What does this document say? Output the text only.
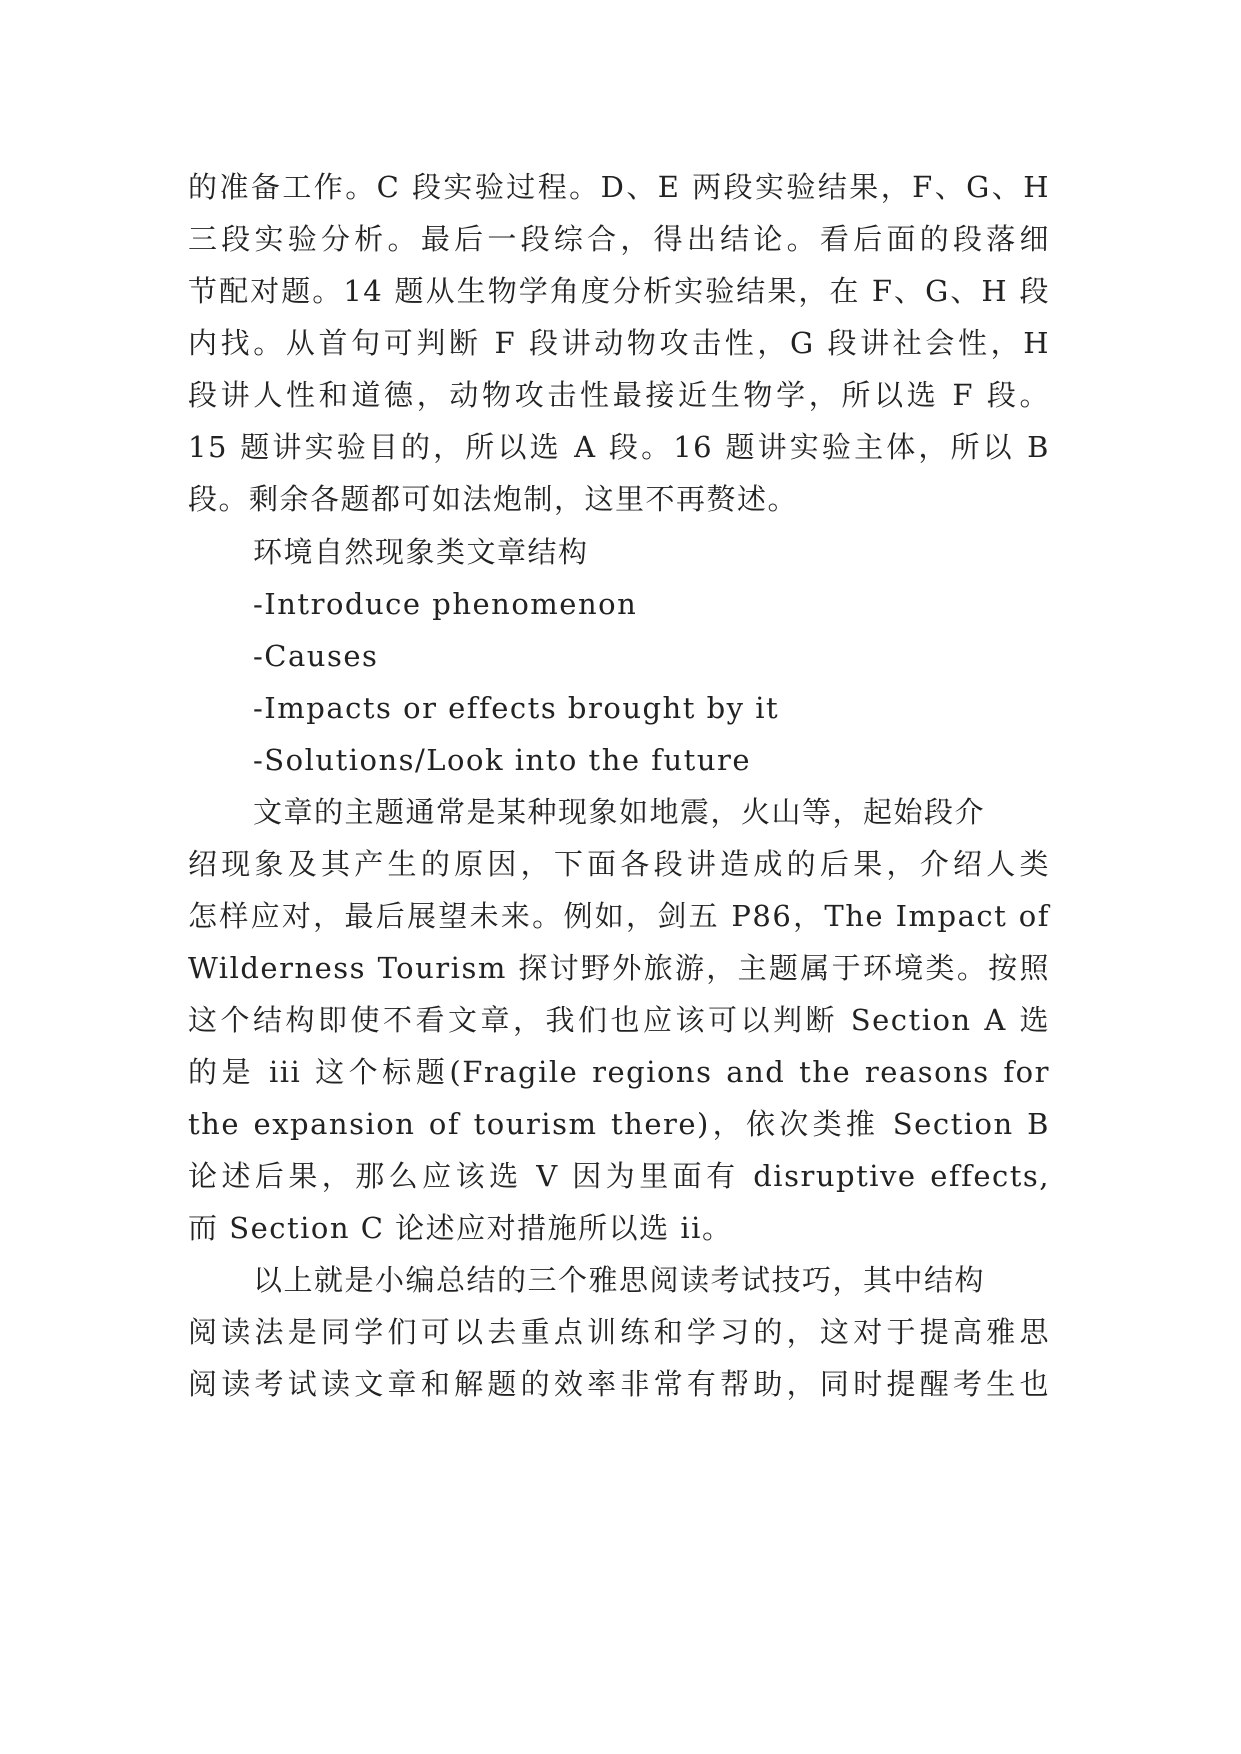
的准备工作。C 段实验过程。D、E 两段实验结果，F、G、H
三段实验分析。最后一段综合，得出结论。看后面的段落细
节配对题。14 题从生物学角度分析实验结果，在 F、G、H 段
内找。从首句可判断 F 段讲动物攻击性，G 段讲社会性，H
段讲人性和道德，动物攻击性最接近生物学，所以选 F 段。
15 题讲实验目的，所以选 A 段。16 题讲实验主体，所以 B
段。剩余各题都可如法炮制，这里不再赘述。
环境自然现象类文章结构
-Introduce phenomenon
-Causes
-Impacts or effects brought by it
-Solutions/Look into the future
文章的主题通常是某种现象如地震，火山等，起始段介
绍现象及其产生的原因，下面各段讲造成的后果，介绍人类
怎样应对，最后展望未来。例如，剑五 P86，The Impact of
Wilderness Tourism 探讨野外旅游，主题属于环境类。按照
这个结构即使不看文章，我们也应该可以判断 Section A 选
的是 iii 这个标题(Fragile regions and the reasons for
the expansion of tourism there)，依次类推 Section B
论述后果，那么应该选 V 因为里面有 disruptive effects,
而 Section C 论述应对措施所以选 ii。
以上就是小编总结的三个雅思阅读考试技巧，其中结构
阅读法是同学们可以去重点训练和学习的，这对于提高雅思
阅读考试读文章和解题的效率非常有帮助，同时提醒考生也
